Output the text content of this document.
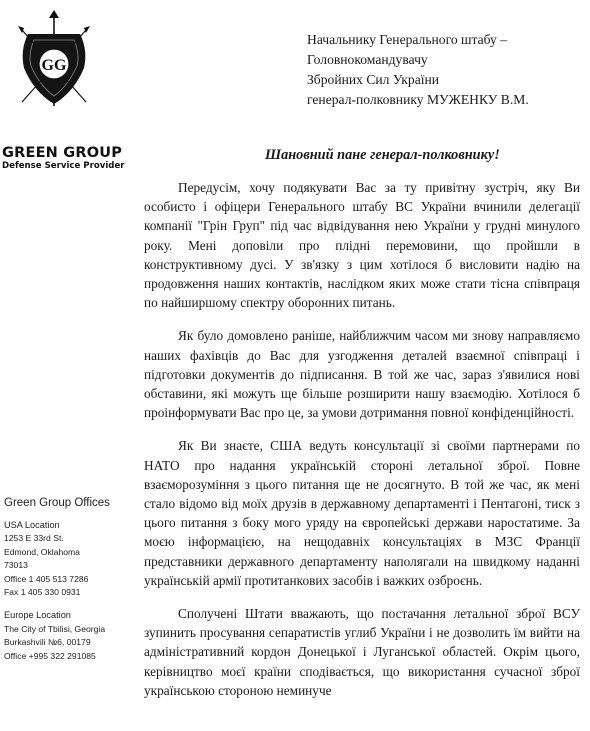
GG
GREEN GROUP
Defense Service Provider
Начальнику Генерального штабу –
Головнокомандувачу
Збройних Сил України
генерал-полковнику МУЖЕНКУ В.М.
Шановний пане генерал-полковнику!

Передусім, хочу подякувати Вас за ту привітну зустріч, яку Ви особисто і офіцери Генерального штабу ВС України вчинили делегації компанії "Грін Груп" під час відвідування нею України у грудні минулого року. Мені доповіли про плідні перемовини, що пройшли в конструктивному дусі. У зв'язку з цим хотілося б висловити надію на продовження наших контактів, наслідком яких може стати тісна співпраця по найширшому спектру оборонних питань.

Як було домовлено раніше, найближчим часом ми знову направляємо наших фахівців до Вас для узгодження деталей взаємної співпраці і підготовки документів до підписання. В той же час, зараз з'явилися нові обставини, які можуть ще більше розширити нашу взаємодію. Хотілося б проінформувати Вас про це, за умови дотримання повної конфіденційності.

Як Ви знаєте, США ведуть консультації зі своїми партнерами по НАТО про надання українській стороні летальної зброї. Повне взаєморозуміння з цього питання ще не досягнуто. В той же час, як мені стало відомо від моїх друзів в державному департаменті і Пентагоні, тиск з цього питання з боку мого уряду на європейські держави наростатиме. За моєю інформацією, на нещодавніх консультаціях в МЗС Франції представники державного департаменту наполягали на швидкому наданні українській армії протитанкових засобів і важких озброєнь.

Сполучені Штати вважають, що постачання летальної зброї ВСУ зупинить просування сепаратистів углиб України і не дозволить їм вийти на адміністративний кордон Донецької і Луганської областей. Окрім цього, керівництво моєї країни сподівається, що використання сучасної зброї українською стороною неминуче

Green Group Offices
USA Location
1253 E 33rd St.
Edmond, Oklahoma
73013
Office 1 405 513 7286
Fax 1 405 330 0931
Europe Location
The City of Tbilisi, Georgia
Burkashvili №6, 00179
Office +995 322 291085
